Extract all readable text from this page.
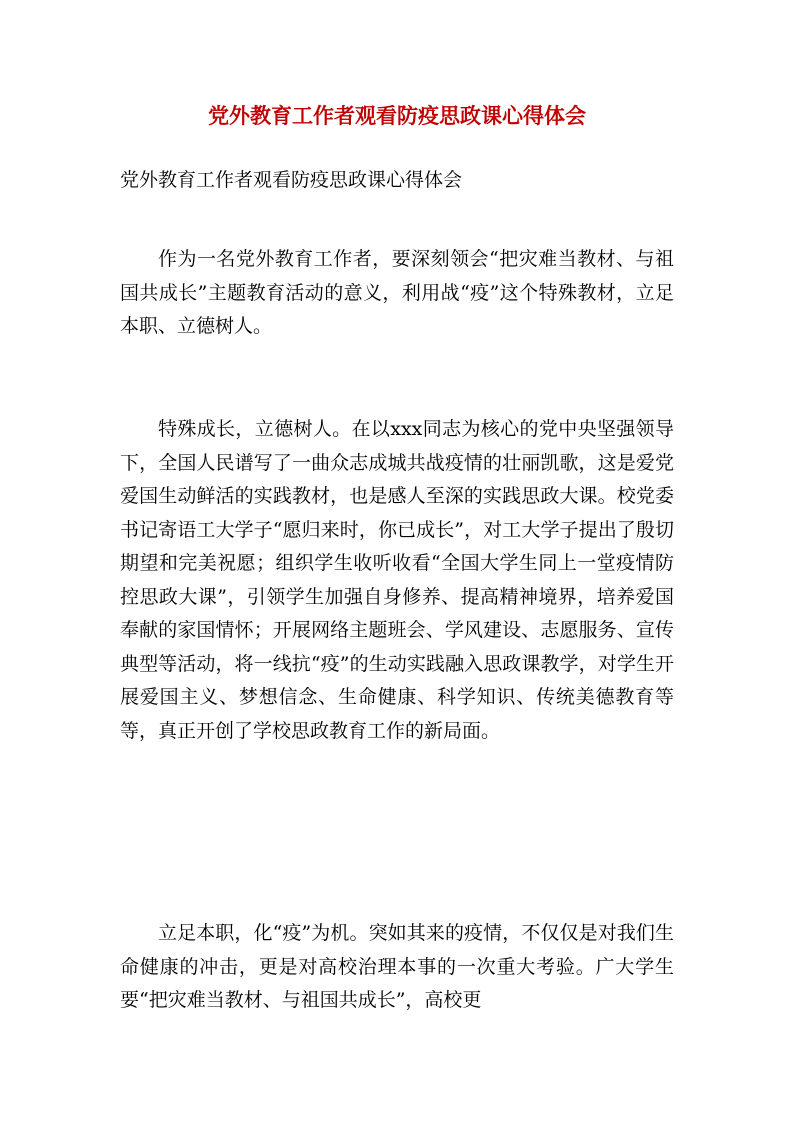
党外教育工作者观看防疫思政课心得体会
党外教育工作者观看防疫思政课心得体会

作为一名党外教育工作者，要深刻领会“把灾难当教材、与祖国共成长”主题教育活动的意义，利用战“疫”这个特殊教材，立足本职、立德树人。

特殊成长，立德树人。在以xxx同志为核心的党中央坚强领导下，全国人民谱写了一曲众志成城共战疫情的壮丽凯歌，这是爱党爱国生动鲜活的实践教材，也是感人至深的实践思政大课。校党委书记寄语工大学子“愿归来时，你已成长”，对工大学子提出了殷切期望和完美祝愿；组织学生收听收看“全国大学生同上一堂疫情防控思政大课”，引领学生加强自身修养、提高精神境界，培养爱国奉献的家国情怀；开展网络主题班会、学风建设、志愿服务、宣传典型等活动，将一线抗“疫”的生动实践融入思政课教学，对学生开展爱国主义、梦想信念、生命健康、科学知识、传统美德教育等等，真正开创了学校思政教育工作的新局面。

立足本职，化“疫”为机。突如其来的疫情，不仅仅是对我们生命健康的冲击，更是对高校治理本事的一次重大考验。广大学生要“把灾难当教材、与祖国共成长”，高校更
